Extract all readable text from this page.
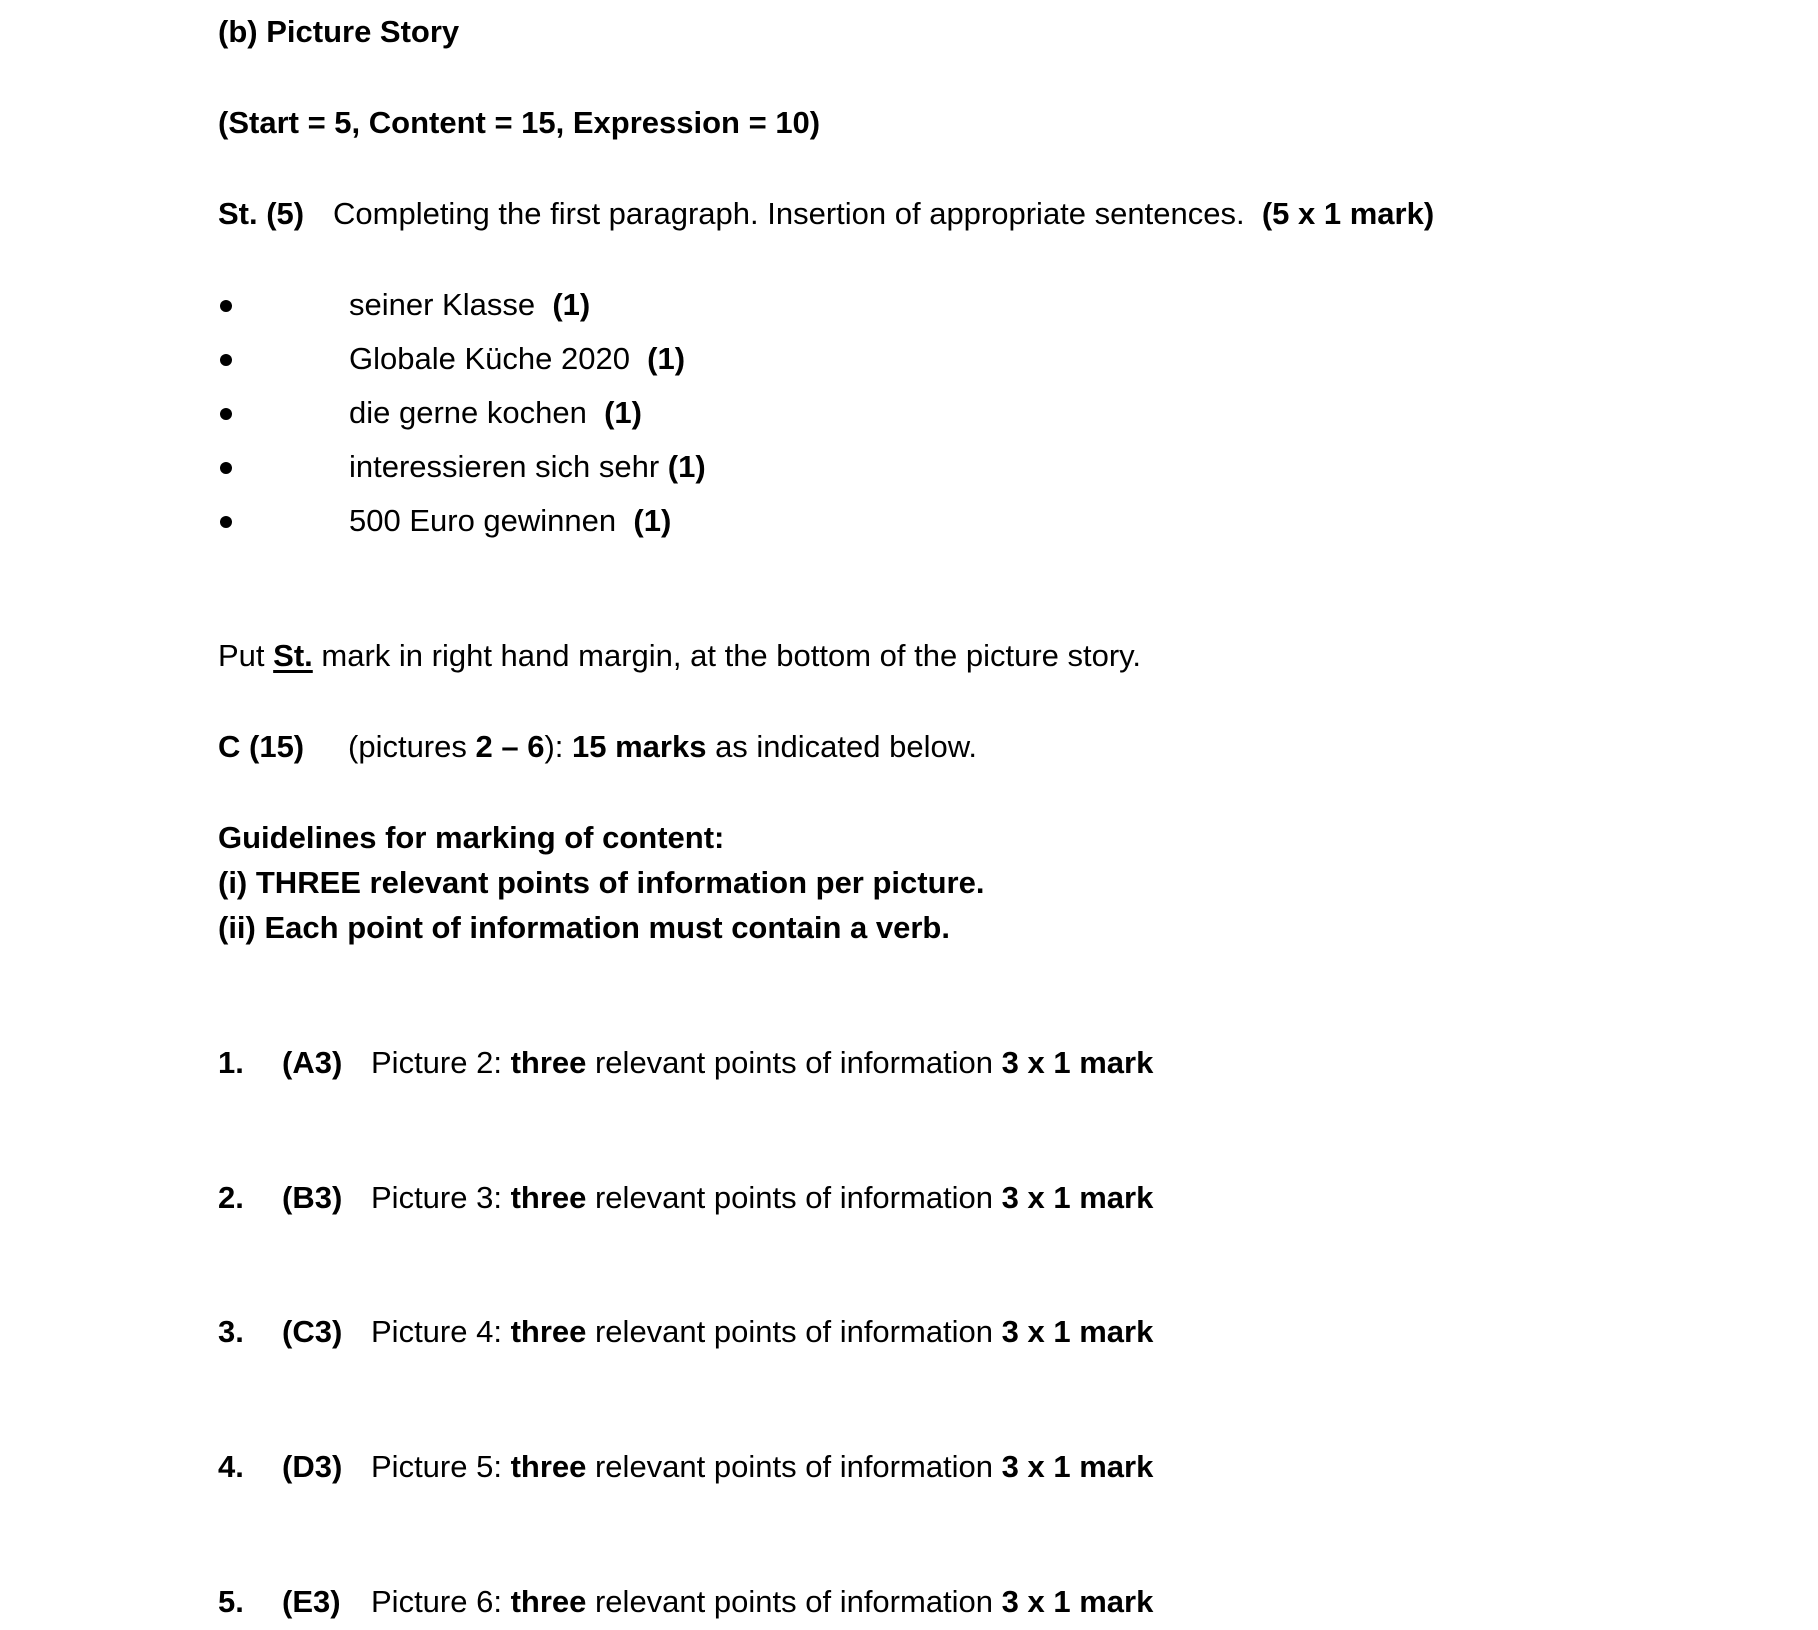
(b) Picture Story
(Start = 5, Content = 15, Expression = 10)
St. (5) Completing the first paragraph. Insertion of appropriate sentences. (5 x 1 mark)
seiner Klasse (1)
Globale Küche 2020 (1)
die gerne kochen (1)
interessieren sich sehr (1)
500 Euro gewinnen (1)
Put St. mark in right hand margin, at the bottom of the picture story.
C (15) (pictures 2 – 6): 15 marks as indicated below.
Guidelines for marking of content:
(i) THREE relevant points of information per picture.
(ii) Each point of information must contain a verb.
1. (A3) Picture 2: three relevant points of information 3 x 1 mark
2. (B3) Picture 3: three relevant points of information 3 x 1 mark
3. (C3) Picture 4: three relevant points of information 3 x 1 mark
4. (D3) Picture 5: three relevant points of information 3 x 1 mark
5. (E3) Picture 6: three relevant points of information 3 x 1 mark
